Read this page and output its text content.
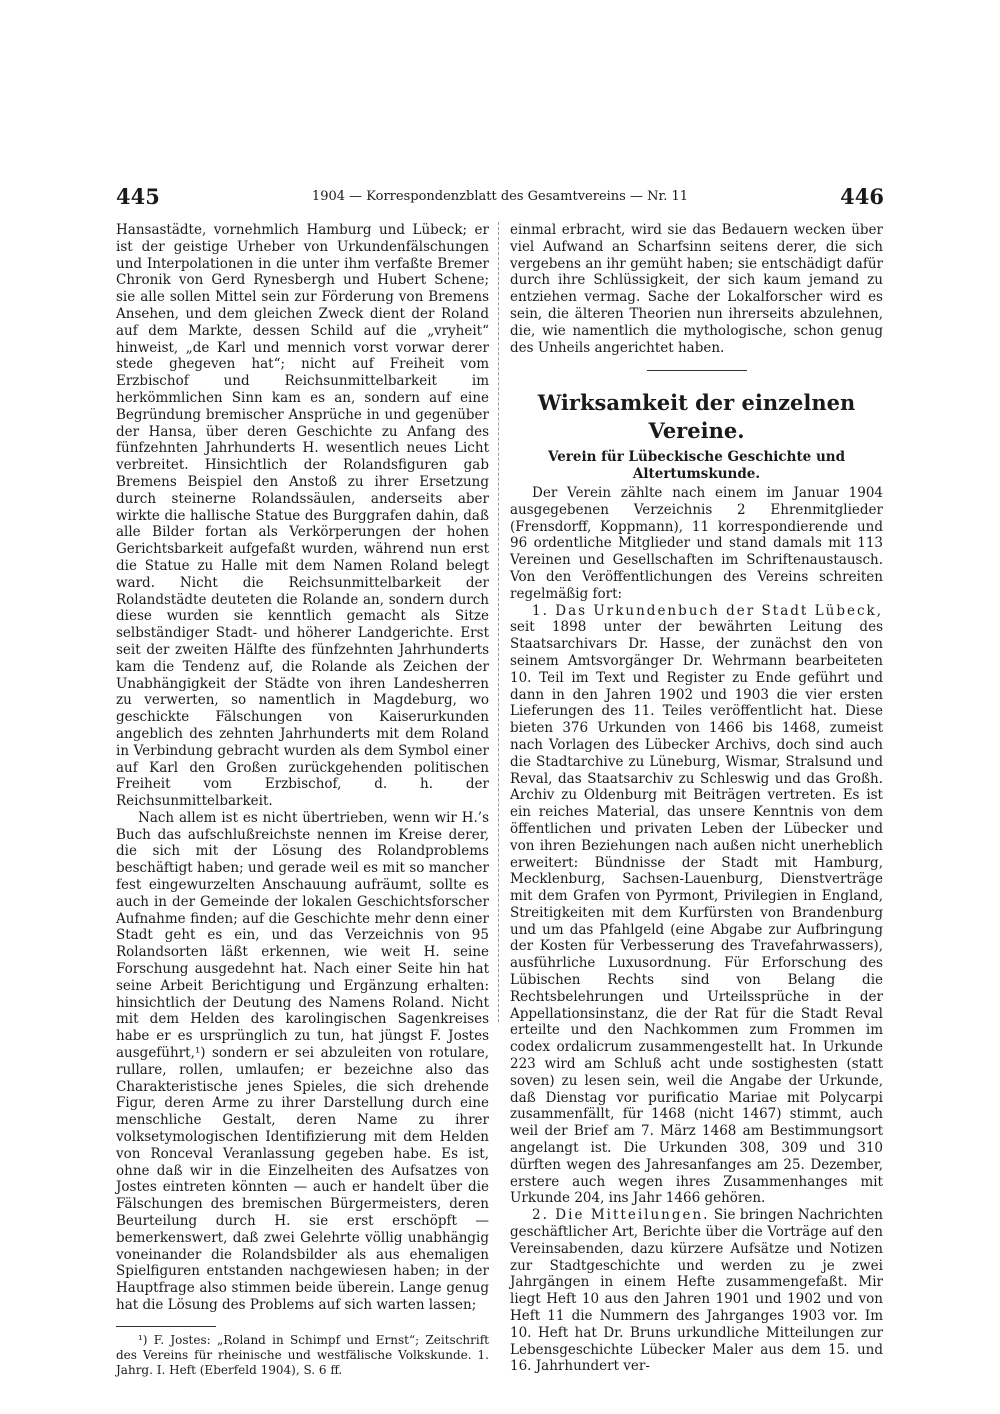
445	1904 — Korrespondenzblatt des Gesamtvereins — Nr. 11	446

Hansastädte, vornehmlich Hamburg und Lübeck; er ist der geistige Urheber von Urkundenfälschungen und Interpolationen in die unter ihm verfaßte Bremer Chronik von Gerd Rynesbergh und Hubert Schene; sie alle sollen Mittel sein zur Förderung von Bremens Ansehen, und dem gleichen Zweck dient der Roland auf dem Markte, dessen Schild auf die „vryheit“ hinweist, „de Karl und mennich vorst vorwar derer stede ghegeven hat“; nicht auf Freiheit vom Erzbischof und Reichsunmittelbarkeit im herkömmlichen Sinn kam es an, sondern auf eine Begründung bremischer Ansprüche in und gegenüber der Hansa, über deren Geschichte zu Anfang des fünfzehnten Jahrhunderts H. wesentlich neues Licht verbreitet. Hinsichtlich der Rolandsfiguren gab Bremens Beispiel den Anstoß zu ihrer Ersetzung durch steinerne Rolandssäulen, anderseits aber wirkte die hallische Statue des Burggrafen dahin, daß alle Bilder fortan als Verkörperungen der hohen Gerichtsbarkeit aufgefaßt wurden, während nun erst die Statue zu Halle mit dem Namen Roland belegt ward. Nicht die Reichsunmittelbarkeit der Rolandstädte deuteten die Rolande an, sondern durch diese wurden sie kenntlich gemacht als Sitze selbständiger Stadt- und höherer Landgerichte. Erst seit der zweiten Hälfte des fünfzehnten Jahrhunderts kam die Tendenz auf, die Rolande als Zeichen der Unabhängigkeit der Städte von ihren Landesherren zu verwerten, so namentlich in Magdeburg, wo geschickte Fälschungen von Kaiserurkunden angeblich des zehnten Jahrhunderts mit dem Roland in Verbindung gebracht wurden als dem Symbol einer auf Karl den Großen zurückgehenden politischen Freiheit vom Erzbischof, d. h. der Reichsunmittelbarkeit.

Nach allem ist es nicht übertrieben, wenn wir H.’s Buch das aufschlußreichste nennen im Kreise derer, die sich mit der Lösung des Rolandproblems beschäftigt haben; und gerade weil es mit so mancher fest eingewurzelten Anschauung aufräumt, sollte es auch in der Gemeinde der lokalen Geschichtsforscher Aufnahme finden; auf die Geschichte mehr denn einer Stadt geht es ein, und das Verzeichnis von 95 Rolandsorten läßt erkennen, wie weit H. seine Forschung ausgedehnt hat. Nach einer Seite hin hat seine Arbeit Berichtigung und Ergänzung erhalten: hinsichtlich der Deutung des Namens Roland. Nicht mit dem Helden des karolingischen Sagenkreises habe er es ursprünglich zu tun, hat jüngst F. Jostes ausgeführt,¹) sondern er sei abzuleiten von rotulare, rullare, rollen, umlaufen; er bezeichne also das Charakteristische jenes Spieles, die sich drehende Figur, deren Arme zu ihrer Darstellung durch eine menschliche Gestalt, deren Name zu ihrer volksetymologischen Identifizierung mit dem Helden von Ronceval Veranlassung gegeben habe. Es ist, ohne daß wir in die Einzelheiten des Aufsatzes von Jostes eintreten könnten — auch er handelt über die Fälschungen des bremischen Bürgermeisters, deren Beurteilung durch H. sie erst erschöpft — bemerkenswert, daß zwei Gelehrte völlig unabhängig voneinander die Rolandsbilder als aus ehemaligen Spielfiguren entstanden nachgewiesen haben; in der Hauptfrage also stimmen beide überein. Lange genug hat die Lösung des Problems auf sich warten lassen;

¹) F. Jostes: „Roland in Schimpf und Ernst“; Zeitschrift des Vereins für rheinische und westfälische Volkskunde. 1. Jahrg. I. Heft (Eberfeld 1904), S. 6 ff.

einmal erbracht, wird sie das Bedauern wecken über viel Aufwand an Scharfsinn seitens derer, die sich vergebens an ihr gemüht haben; sie entschädigt dafür durch ihre Schlüssigkeit, der sich kaum jemand zu entziehen vermag. Sache der Lokalforscher wird es sein, die älteren Theorien nun ihrerseits abzulehnen, die, wie namentlich die mythologische, schon genug des Unheils angerichtet haben.

Wirksamkeit der einzelnen Vereine.
Verein für Lübeckische Geschichte und Altertumskunde.

Der Verein zählte nach einem im Januar 1904 ausgegebenen Verzeichnis 2 Ehrenmitglieder (Frensdorff, Koppmann), 11 korrespondierende und 96 ordentliche Mitglieder und stand damals mit 113 Vereinen und Gesellschaften im Schriftenaustausch. Von den Veröffentlichungen des Vereins schreiten regelmäßig fort:

1. Das Urkundenbuch der Stadt Lübeck, seit 1898 unter der bewährten Leitung des Staatsarchivars Dr. Hasse, der zunächst den von seinem Amtsvorgänger Dr. Wehrmann bearbeiteten 10. Teil im Text und Register zu Ende geführt und dann in den Jahren 1902 und 1903 die vier ersten Lieferungen des 11. Teiles veröffentlicht hat. Diese bieten 376 Urkunden von 1466 bis 1468, zumeist nach Vorlagen des Lübecker Archivs, doch sind auch die Stadtarchive zu Lüneburg, Wismar, Stralsund und Reval, das Staatsarchiv zu Schleswig und das Großh. Archiv zu Oldenburg mit Beiträgen vertreten. Es ist ein reiches Material, das unsere Kenntnis von dem öffentlichen und privaten Leben der Lübecker und von ihren Beziehungen nach außen nicht unerheblich erweitert: Bündnisse der Stadt mit Hamburg, Mecklenburg, Sachsen-Lauenburg, Dienstverträge mit dem Grafen von Pyrmont, Privilegien in England, Streitigkeiten mit dem Kurfürsten von Brandenburg und um das Pfahlgeld (eine Abgabe zur Aufbringung der Kosten für Verbesserung des Travefahrwassers), ausführliche Luxusordnung. Für Erforschung des Lübischen Rechts sind von Belang die Rechtsbelehrungen und Urteilssprüche in der Appellationsinstanz, die der Rat für die Stadt Reval erteilte und den Nachkommen zum Frommen im codex ordalicrum zusammengestellt hat. In Urkunde 223 wird am Schluß acht unde sostighesten (statt soven) zu lesen sein, weil die Angabe der Urkunde, daß Dienstag vor purificatio Mariae mit Polycarpi zusammenfällt, für 1468 (nicht 1467) stimmt, auch weil der Brief am 7. März 1468 am Bestimmungsort angelangt ist. Die Urkunden 308, 309 und 310 dürften wegen des Jahresanfanges am 25. Dezember, erstere auch wegen ihres Zusammenhanges mit Urkunde 204, ins Jahr 1466 gehören.

2. Die Mitteilungen. Sie bringen Nachrichten geschäftlicher Art, Berichte über die Vorträge auf den Vereinsabenden, dazu kürzere Aufsätze und Notizen zur Stadtgeschichte und werden zu je zwei Jahrgängen in einem Hefte zusammengefaßt. Mir liegt Heft 10 aus den Jahren 1901 und 1902 und von Heft 11 die Nummern des Jahrganges 1903 vor. Im 10. Heft hat Dr. Bruns urkundliche Mitteilungen zur Lebensgeschichte Lübecker Maler aus dem 15. und 16. Jahrhundert ver-
